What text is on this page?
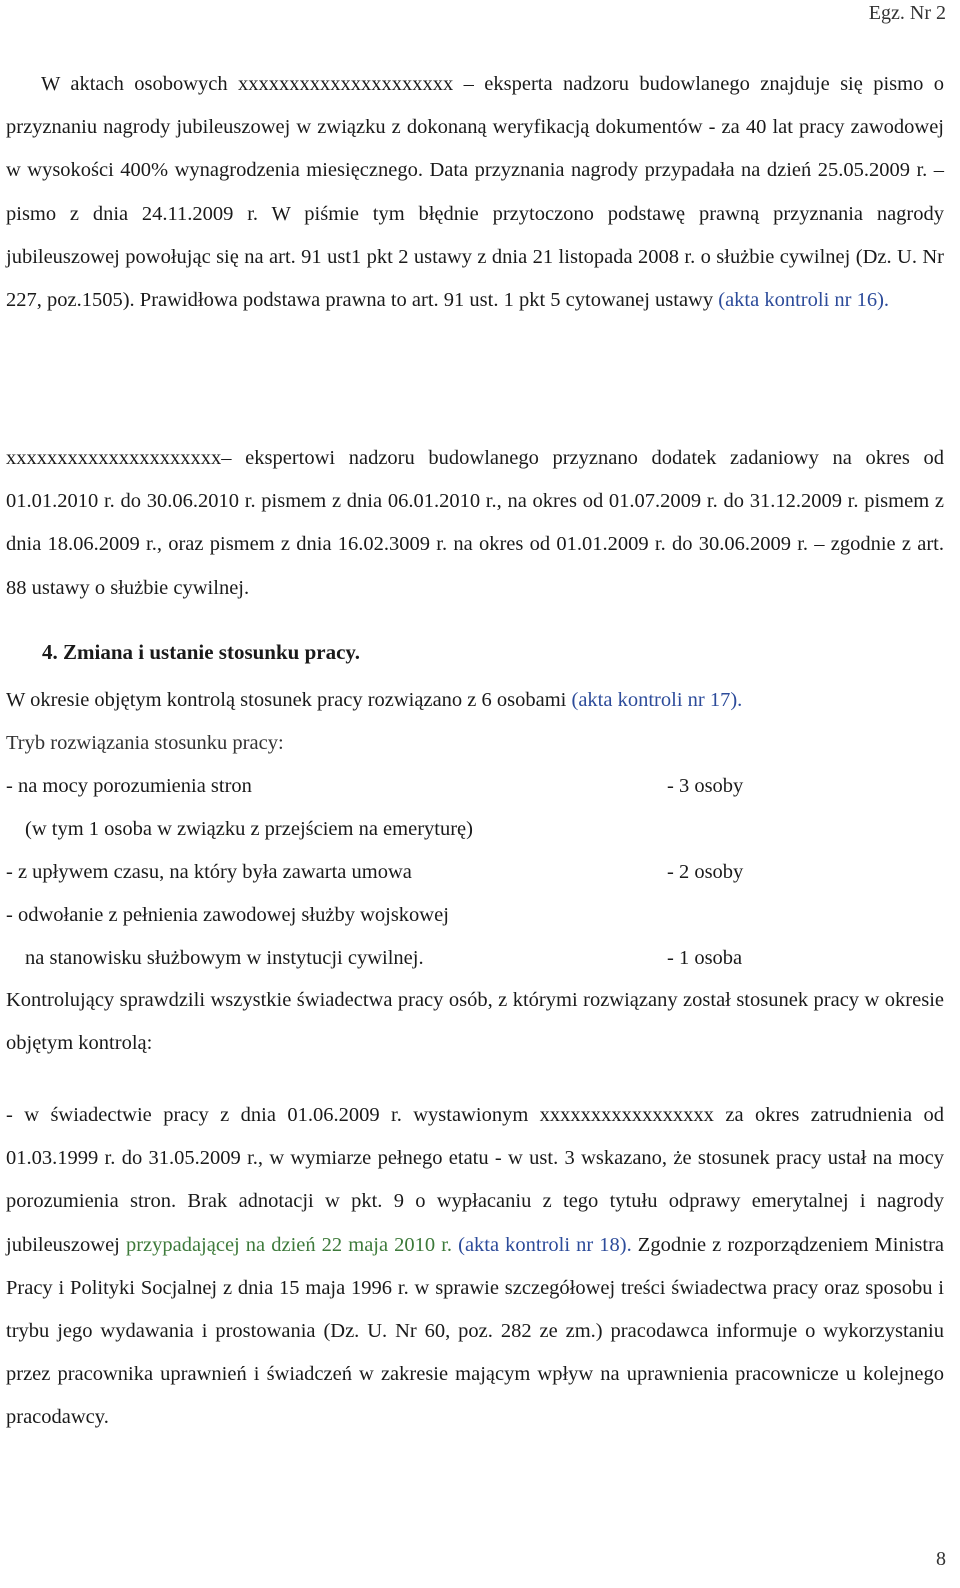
Egz. Nr 2

W aktach osobowych xxxxxxxxxxxxxxxxxxxxx – eksperta nadzoru budowlanego znajduje się pismo o przyznaniu nagrody jubileuszowej w związku z dokonaną weryfikacją dokumentów - za 40 lat pracy zawodowej w wysokości 400% wynagrodzenia miesięcznego. Data przyznania nagrody przypadała na dzień 25.05.2009 r. – pismo z dnia 24.11.2009 r. W piśmie tym błędnie przytoczono podstawę prawną przyznania nagrody jubileuszowej powołując się na art. 91 ust1 pkt 2 ustawy z dnia 21 listopada 2008 r. o służbie cywilnej (Dz. U. Nr 227, poz.1505). Prawidłowa podstawa prawna to art. 91 ust. 1 pkt 5 cytowanej ustawy (akta kontroli nr 16).

xxxxxxxxxxxxxxxxxxxxx– ekspertowi nadzoru budowlanego przyznano dodatek zadaniowy na okres od 01.01.2010 r. do 30.06.2010 r. pismem z dnia 06.01.2010 r., na okres od 01.07.2009 r. do 31.12.2009 r. pismem z dnia 18.06.2009 r., oraz pismem z dnia 16.02.3009 r. na okres od 01.01.2009 r. do 30.06.2009 r. – zgodnie z art. 88 ustawy o służbie cywilnej.

4. Zmiana i ustanie stosunku pracy.
W okresie objętym kontrolą stosunek pracy rozwiązano z 6 osobami (akta kontroli nr 17).
Tryb rozwiązania stosunku pracy:
- na mocy porozumienia stron	- 3 osoby
(w tym 1 osoba w związku z przejściem na emeryturę)
- z upływem czasu, na który była zawarta umowa	- 2 osoby
- odwołanie z pełnienia zawodowej służby wojskowej
na stanowisku służbowym w instytucji cywilnej.	- 1 osoba

Kontrolujący sprawdzili wszystkie świadectwa pracy osób, z którymi rozwiązany został stosunek pracy w okresie objętym kontrolą:

- w świadectwie pracy z dnia 01.06.2009 r. wystawionym xxxxxxxxxxxxxxxxx za okres zatrudnienia od 01.03.1999 r. do 31.05.2009 r., w wymiarze pełnego etatu - w ust. 3 wskazano, że stosunek pracy ustał na mocy porozumienia stron. Brak adnotacji w pkt. 9 o wypłacaniu z tego tytułu odprawy emerytalnej i nagrody jubileuszowej przypadającej na dzień 22 maja 2010 r. (akta kontroli nr 18). Zgodnie z rozporządzeniem Ministra Pracy i Polityki Socjalnej z dnia 15 maja 1996 r. w sprawie szczegółowej treści świadectwa pracy oraz sposobu i trybu jego wydawania i prostowania (Dz. U. Nr 60, poz. 282 ze zm.) pracodawca informuje o wykorzystaniu przez pracownika uprawnień i świadczeń w zakresie mającym wpływ na uprawnienia pracownicze u kolejnego pracodawcy.

8
